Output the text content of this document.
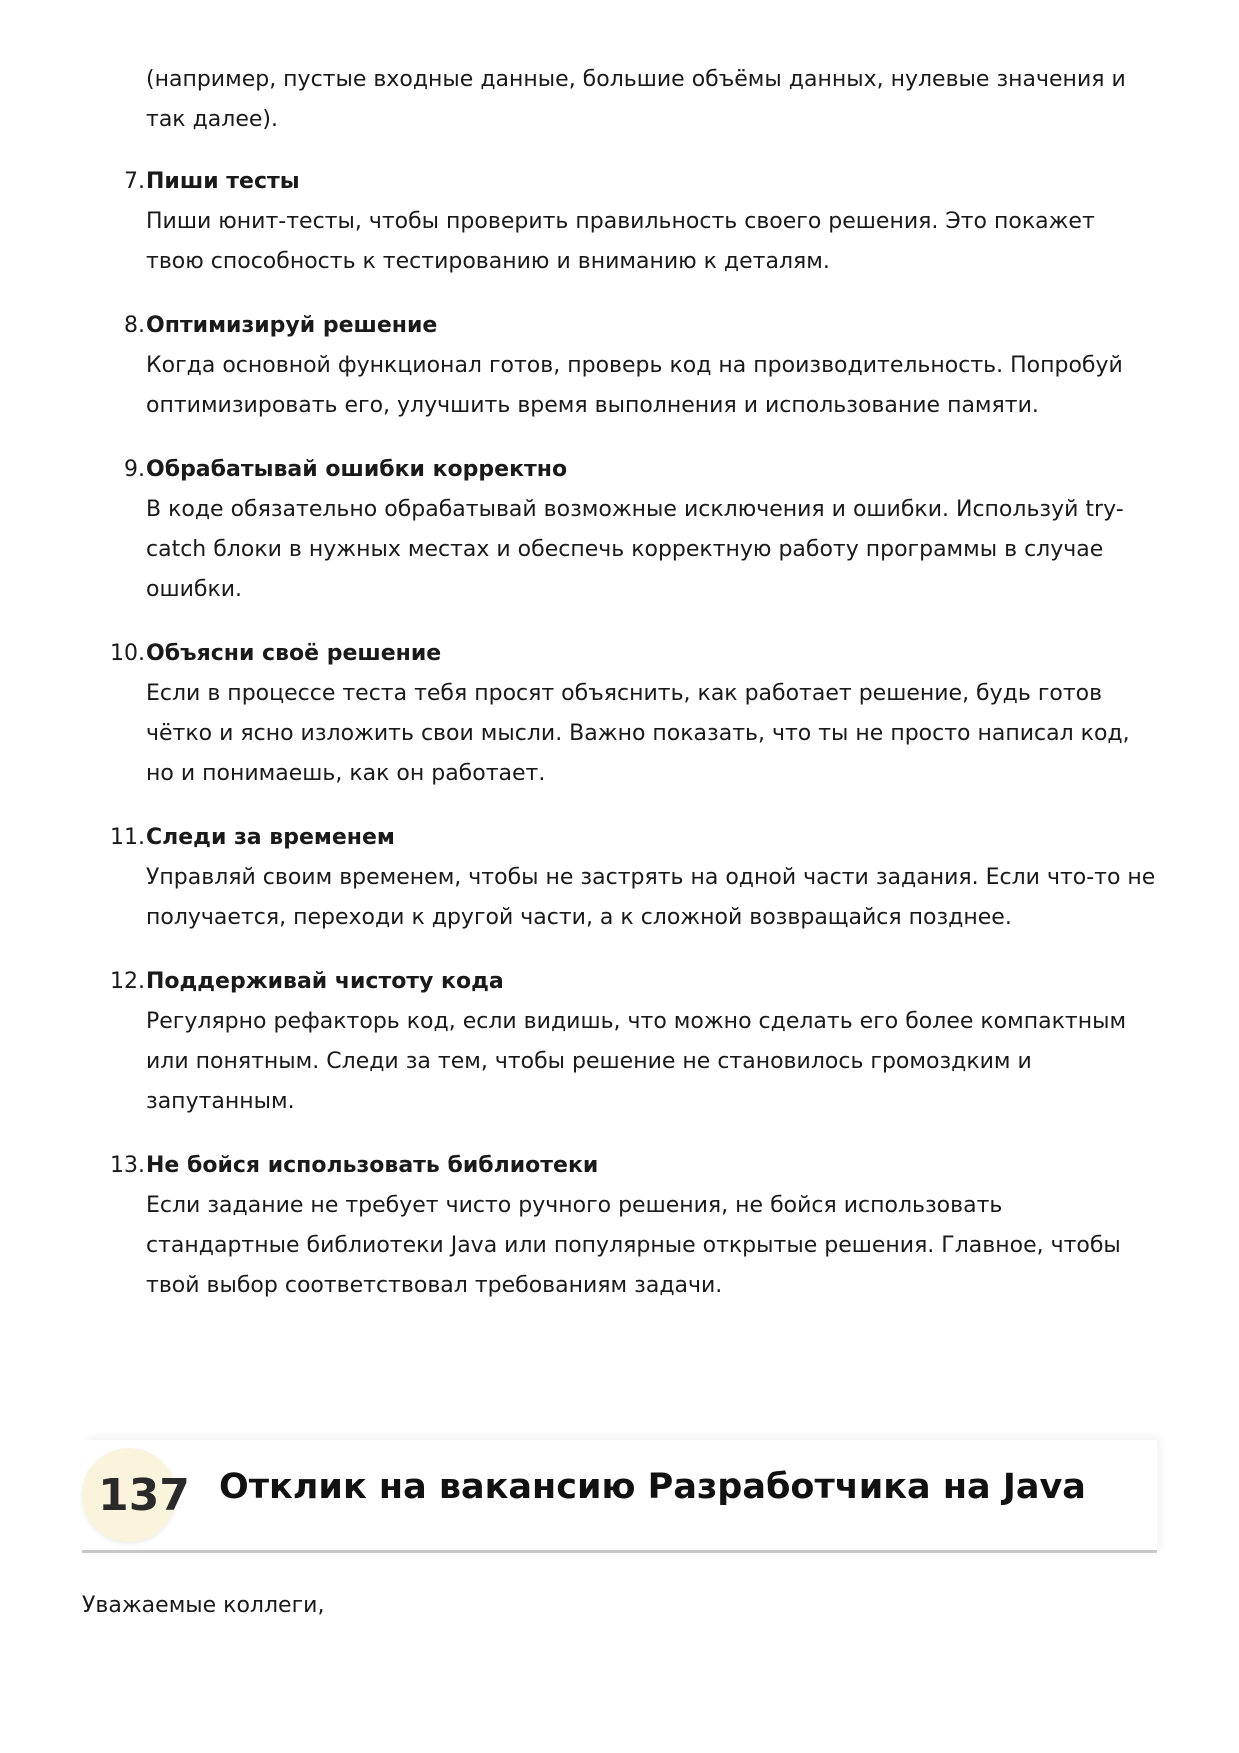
(например, пустые входные данные, большие объёмы данных, нулевые значения и так далее).

7. Пиши тесты

Пиши юнит-тесты, чтобы проверить правильность своего решения. Это покажет твою способность к тестированию и вниманию к деталям.

8. Оптимизируй решение

Когда основной функционал готов, проверь код на производительность. Попробуй оптимизировать его, улучшить время выполнения и использование памяти.

9. Обрабатывай ошибки корректно

В коде обязательно обрабатывай возможные исключения и ошибки. Используй try-catch блоки в нужных местах и обеспечь корректную работу программы в случае ошибки.

10. Объясни своё решение

Если в процессе теста тебя просят объяснить, как работает решение, будь готов чётко и ясно изложить свои мысли. Важно показать, что ты не просто написал код, но и понимаешь, как он работает.

11. Следи за временем

Управляй своим временем, чтобы не застрять на одной части задания. Если что-то не получается, переходи к другой части, а к сложной возвращайся позднее.

12. Поддерживай чистоту кода

Регулярно рефакторь код, если видишь, что можно сделать его более компактным или понятным. Следи за тем, чтобы решение не становилось громоздким и запутанным.

13. Не бойся использовать библиотеки

Если задание не требует чисто ручного решения, не бойся использовать стандартные библиотеки Java или популярные открытые решения. Главное, чтобы твой выбор соответствовал требованиям задачи.

137 Отклик на вакансию Разработчика на Java

Уважаемые коллеги,
